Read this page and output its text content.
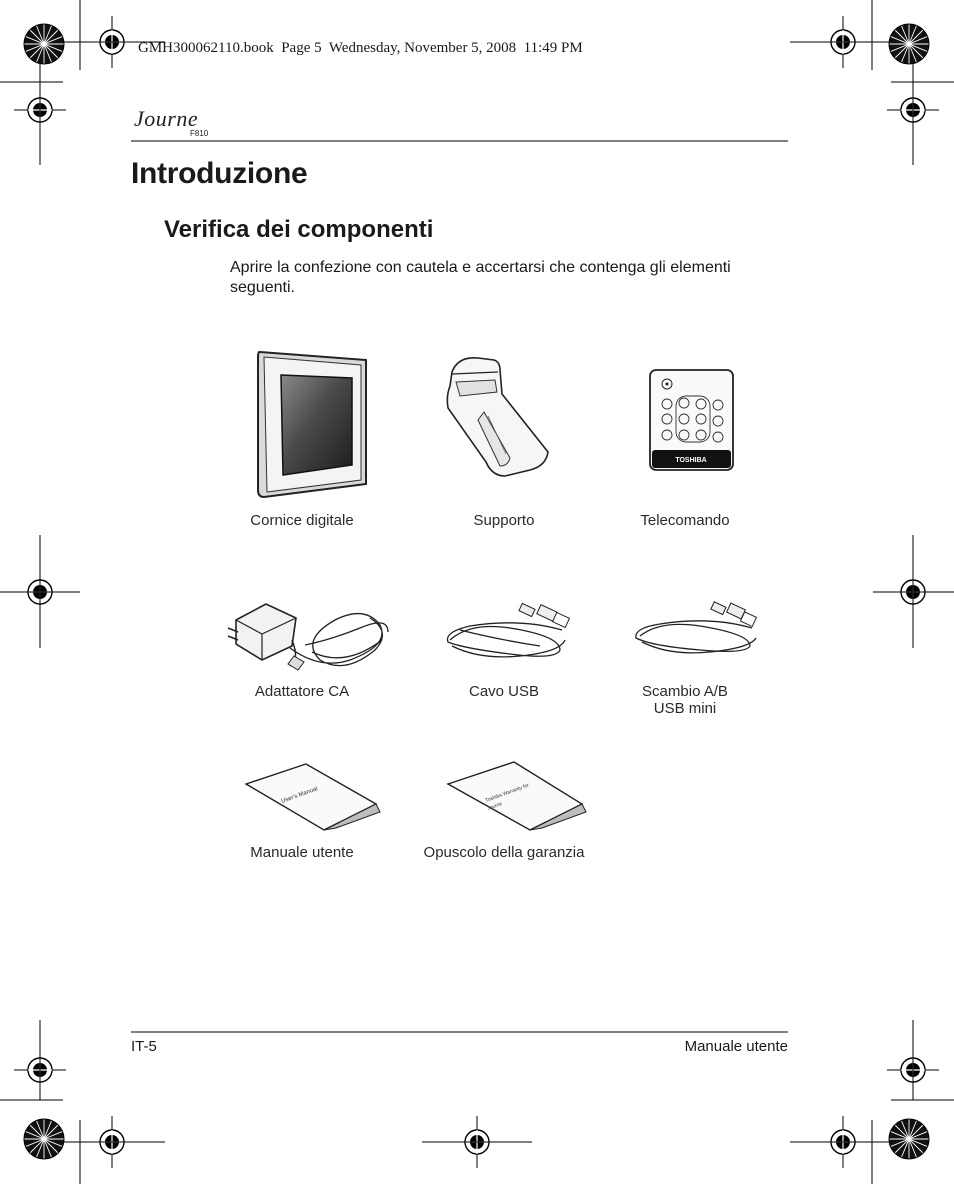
GMH300062110.book  Page 5  Wednesday, November 5, 2008  11:49 PM
Journe
F810
Introduzione
Verifica dei componenti

Aprire la confezione con cautela e accertarsi che contenga gli elementi seguenti.

TOSHIBA
User's Manual	Toshiba Warranty for
Journe
Cornice digitale	Supporto	Telecomando
Adattatore CA	Cavo USB	Scambio A/B
USB mini
Manuale utente	Opuscolo della garanzia
IT-5	Manuale utente
